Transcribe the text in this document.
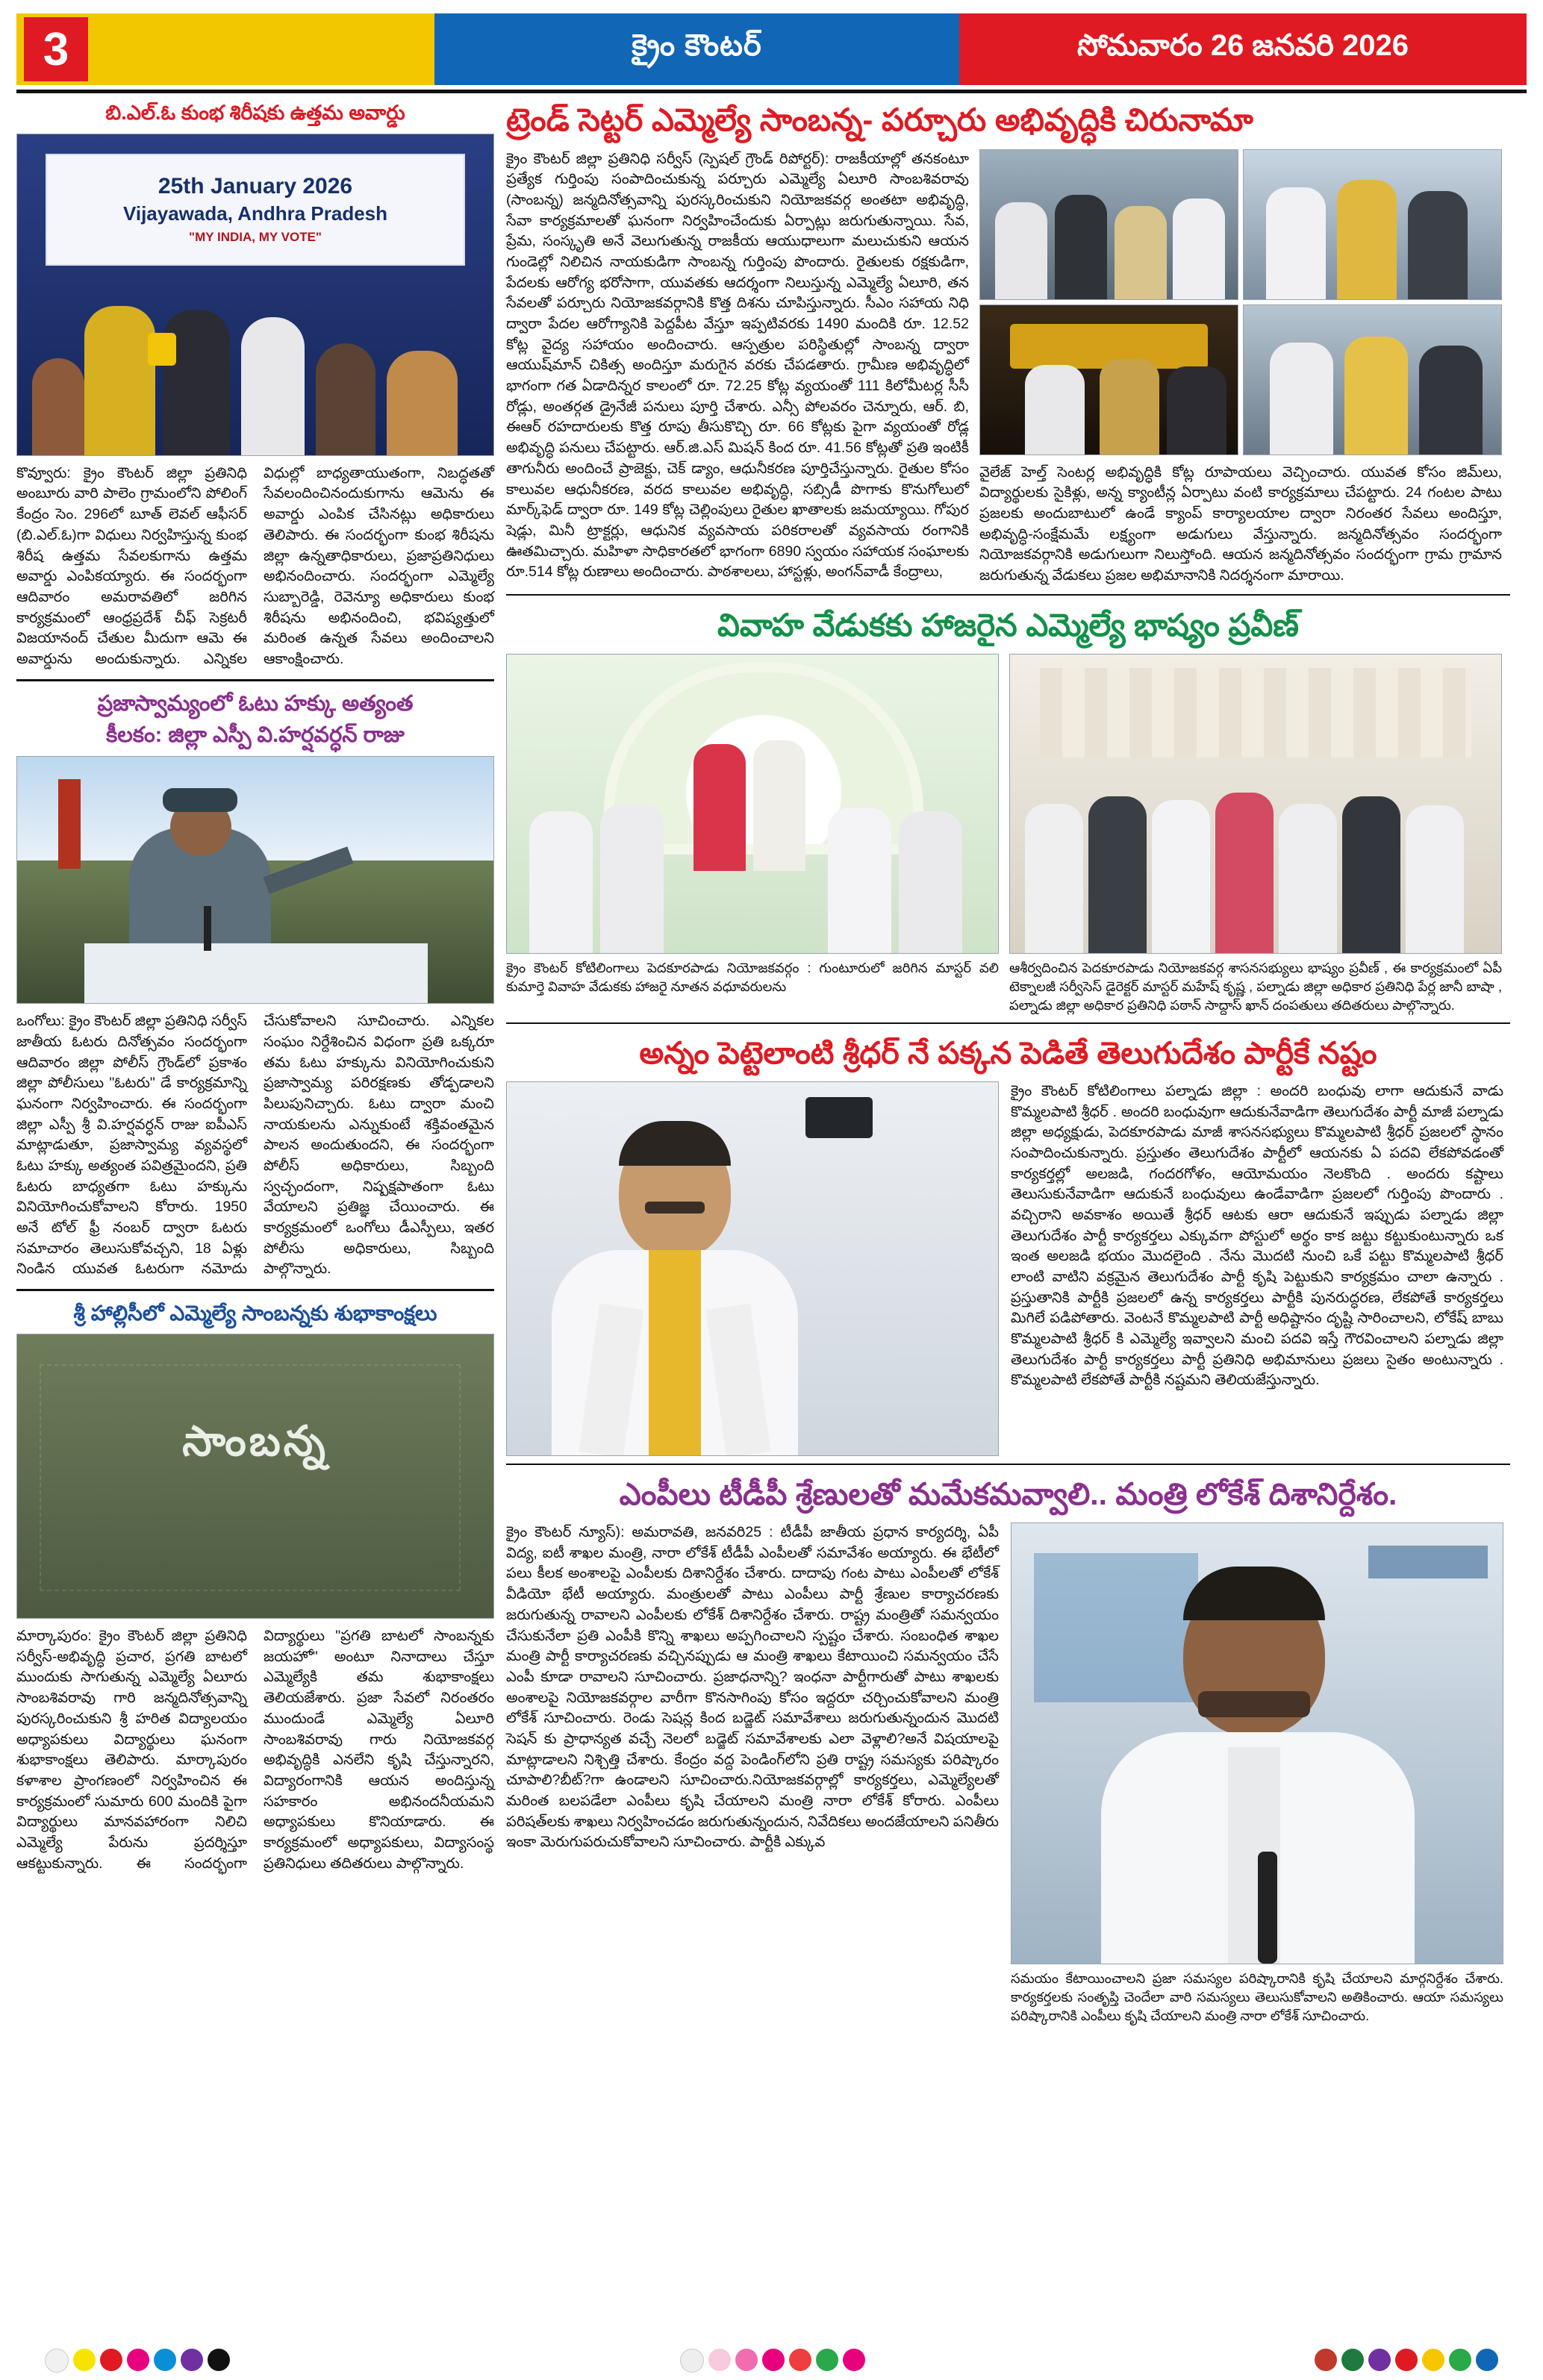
3	క్రైం కౌంటర్	సోమవారం 26 జనవరి 2026
బి.ఎల్.ఓ కుంభ శిరీషకు ఉత్తమ అవార్డు
25th January 2026
Vijayawada, Andhra Pradesh
"MY INDIA, MY VOTE"
కొవ్వూరు: క్రైం కౌంటర్ జిల్లా ప్రతినిధి అంబూరు వారి పాలెం గ్రామంలోని పోలింగ్ కేంద్రం సెం. 296లో బూత్ లెవల్ ఆఫీసర్ (బి.ఎల్.ఓ)గా విధులు నిర్వహిస్తున్న కుంభ శిరీష ఉత్తమ సేవలకుగాను ఉత్తమ అవార్డు ఎంపికయ్యారు. ఈ సందర్భంగా ఆదివారం అమరావతిలో జరిగిన కార్యక్రమంలో ఆంధ్రప్రదేశ్ చీఫ్ సెక్రటరీ విజయానంద్ చేతుల మీదుగా ఆమె ఈ అవార్డును అందుకున్నారు. ఎన్నికల విధుల్లో బాధ్యతాయుతంగా, నిబద్ధతతో సేవలందించినందుకుగాను ఆమెను ఈ అవార్డు ఎంపిక చేసినట్లు అధికారులు తెలిపారు. ఈ సందర్భంగా కుంభ శిరీషను జిల్లా ఉన్నతాధికారులు, ప్రజాప్రతినిధులు అభినందించారు. సందర్భంగా ఎమ్మెల్యే సుబ్బారెడ్డి, రెవెన్యూ అధికారులు కుంభ శిరీషను అభినందించి, భవిష్యత్తులో మరింత ఉన్నత సేవలు అందించాలని ఆకాంక్షించారు.
ప్రజాస్వామ్యంలో ఓటు హక్కు అత్యంత
కీలకం: జిల్లా ఎస్పీ వి.హర్షవర్ధన్ రాజు
ఒంగోలు: క్రైం కౌంటర్ జిల్లా ప్రతినిధి సర్వీస్ జాతీయ ఓటరు దినోత్సవం సందర్భంగా ఆదివారం జిల్లా పోలీస్ గ్రౌండ్‌లో ప్రకాశం జిల్లా పోలీసులు "ఓటరు" డే కార్యక్రమాన్ని ఘనంగా నిర్వహించారు. ఈ సందర్భంగా జిల్లా ఎస్పీ శ్రీ వి.హర్షవర్ధన్ రాజు ఐపీఎస్ మాట్లాడుతూ, ప్రజాస్వామ్య వ్యవస్థలో ఓటు హక్కు అత్యంత పవిత్రమైందని, ప్రతి ఓటరు బాధ్యతగా ఓటు హక్కును వినియోగించుకోవాలని కోరారు. 1950 అనే టోల్ ఫ్రీ నంబర్ ద్వారా ఓటరు సమాచారం తెలుసుకోవచ్చని, 18 ఏళ్లు నిండిన యువత ఓటరుగా నమోదు చేసుకోవాలని సూచించారు. ఎన్నికల సంఘం నిర్దేశించిన విధంగా ప్రతి ఒక్కరూ తమ ఓటు హక్కును వినియోగించుకుని ప్రజాస్వామ్య పరిరక్షణకు తోడ్పడాలని పిలుపునిచ్చారు. ఓటు ద్వారా మంచి నాయకులను ఎన్నుకుంటే శక్తివంతమైన పాలన అందుతుందని, ఈ సందర్భంగా పోలీస్ అధికారులు, సిబ్బంది స్వచ్ఛందంగా, నిష్పక్షపాతంగా ఓటు వేయాలని ప్రతిజ్ఞ చేయించారు. ఈ కార్యక్రమంలో ఒంగోలు డీఎస్పీలు, ఇతర పోలీసు అధికారులు, సిబ్బంది పాల్గొన్నారు.
శ్రీ హాల్లిసీలో ఎమ్మెల్యే సాంబన్నకు శుభాకాంక్షలు
సాంబన్న
మార్కాపురం: క్రైం కౌంటర్ జిల్లా ప్రతినిధి సర్వీస్-అభివృద్ధి ప్రచార, ప్రగతి బాటలో ముందుకు సాగుతున్న ఎమ్మెల్యే ఏలూరు సాంబశివరావు గారి జన్మదినోత్సవాన్ని పురస్కరించుకుని శ్రీ హరిత విద్యాలయం అధ్యాపకులు విద్యార్థులు ఘనంగా శుభాకాంక్షలు తెలిపారు. మార్కాపురం కళాశాల ప్రాంగణంలో నిర్వహించిన ఈ కార్యక్రమంలో సుమారు 600 మందికి పైగా విద్యార్థులు మానవహారంగా నిలిచి ఎమ్మెల్యే పేరును ప్రదర్శిస్తూ ఆకట్టుకున్నారు. ఈ సందర్భంగా విద్యార్థులు "ప్రగతి బాటలో సాంబన్నకు జయహో" అంటూ నినాదాలు చేస్తూ ఎమ్మెల్యేకి తమ శుభాకాంక్షలు తెలియజేశారు. ప్రజా సేవలో నిరంతరం ముందుండే ఎమ్మెల్యే ఏలూరి సాంబశివరావు గారు నియోజకవర్గ అభివృద్ధికి ఎనలేని కృషి చేస్తున్నారని, విద్యారంగానికి ఆయన అందిస్తున్న సహకారం అభినందనీయమని అధ్యాపకులు కొనియాడారు. ఈ కార్యక్రమంలో అధ్యాపకులు, విద్యాసంస్థ ప్రతినిధులు తదితరులు పాల్గొన్నారు.
ట్రెండ్ సెట్టర్ ఎమ్మెల్యే సాంబన్న- పర్చూరు అభివృద్ధికి చిరునామా
క్రైం కౌంటర్ జిల్లా ప్రతినిధి సర్వీస్ (స్పెషల్ గ్రౌండ్ రిపోర్టర్): రాజకీయాల్లో తనకంటూ ప్రత్యేక గుర్తింపు సంపాదించుకున్న పర్చూరు ఎమ్మెల్యే ఏలూరి సాంబశివరావు (సాంబన్న) జన్మదినోత్సవాన్ని పురస్కరించుకుని నియోజకవర్గ అంతటా అభివృద్ధి, సేవా కార్యక్రమాలతో ఘనంగా నిర్వహించేందుకు ఏర్పాట్లు జరుగుతున్నాయి. సేవ, ప్రేమ, సంస్కృతి అనే వెలుగుతున్న రాజకీయ ఆయుధాలుగా మలుచుకుని ఆయన గుండెల్లో నిలిచిన నాయకుడిగా సాంబన్న గుర్తింపు పొందారు. రైతులకు రక్షకుడిగా, పేదలకు ఆరోగ్య భరోసాగా, యువతకు ఆదర్శంగా నిలుస్తున్న ఎమ్మెల్యే ఏలూరి, తన సేవలతో పర్చూరు నియోజకవర్గానికి కొత్త దిశను చూపిస్తున్నారు. సీఎం సహాయ నిధి ద్వారా పేదల ఆరోగ్యానికి పెద్దపీట వేస్తూ ఇప్పటివరకు 1490 మందికి రూ. 12.52 కోట్ల వైద్య సహాయం అందించారు. ఆస్పత్రుల పరిస్థితుల్లో సాంబన్న ద్వారా ఆయుష్‌మాన్ చికిత్స అందిస్తూ మరుగైన వరకు చేపడతారు. గ్రామీణ అభివృద్ధిలో భాగంగా గత ఏడాదిన్నర కాలంలో రూ. 72.25 కోట్ల వ్యయంతో 111 కిలోమీటర్ల సీసీ రోడ్లు, అంతర్గత డ్రైనేజీ పనులు పూర్తి చేశారు. ఎన్సీ పోలవరం చెన్నూరు, ఆర్. బి, ఈఆర్ రహదారులకు కొత్త రూపు తీసుకొచ్చి రూ. 66 కోట్లకు పైగా వ్యయంతో రోడ్ల అభివృద్ధి పనులు చేపట్టారు. ఆర్.జి.ఎస్ మిషన్ కింద రూ. 41.56 కోట్లతో ప్రతి ఇంటికీ తాగునీరు అందించే ప్రాజెక్టు, చెక్ డ్యాం, ఆధునీకరణ పూర్తిచేస్తున్నారు. రైతుల కోసం కాలువల ఆధునీకరణ, వరద కాలువల అభివృద్ధి, సబ్సిడీ పొగాకు కొనుగోలులో మార్క్‌ఫెడ్ ద్వారా రూ. 149 కోట్ల చెల్లింపులు రైతుల ఖాతాలకు జమయ్యాయి. గోపుర షెడ్లు, మినీ ట్రాక్టర్లు, ఆధునిక వ్యవసాయ పరికరాలతో వ్యవసాయ రంగానికి ఊతమిచ్చారు. మహిళా సాధికారతలో భాగంగా 6890 స్వయం సహాయక సంఘాలకు రూ.514 కోట్ల రుణాలు అందించారు. పాఠశాలలు, హాస్టళ్లు, అంగన్‌వాడీ కేంద్రాలు,
వైలేజ్ హెల్త్ సెంటర్ల అభివృద్ధికి కోట్ల రూపాయలు వెచ్చించారు. యువత కోసం జిమ్‌లు, విద్యార్థులకు సైకిళ్లు, అన్న క్యాంటీన్ల ఏర్పాటు వంటి కార్యక్రమాలు చేపట్టారు. 24 గంటల పాటు ప్రజలకు అందుబాటులో ఉండే క్యాంప్ కార్యాలయాల ద్వారా నిరంతర సేవలు అందిస్తూ, అభివృద్ధి-సంక్షేమమే లక్ష్యంగా అడుగులు వేస్తున్నారు. జన్మదినోత్సవం సందర్భంగా నియోజకవర్గానికి అడుగులుగా నిలుస్తోంది. ఆయన జన్మదినోత్సవం సందర్భంగా గ్రామ గ్రామాన జరుగుతున్న వేడుకలు ప్రజల అభిమానానికి నిదర్శనంగా మారాయి.
వివాహ వేడుకకు హాజరైన ఎమ్మెల్యే భాష్యం ప్రవీణ్
క్రైం కౌంటర్ కోటిలింగాలు పెదకూరపాడు నియోజకవర్గం : గుంటూరులో జరిగిన మాస్టర్ వలి కుమార్తె వివాహ వేడుకకు హాజరై నూతన వధూవరులను
ఆశీర్వదించిన పెదకూరపాడు నియోజకవర్గ శాసనసభ్యులు భాష్యం ప్రవీణ్ , ఈ కార్యక్రమంలో ఏపీ టెక్నాలజీ సర్వీసెస్ డైరెక్టర్ మాస్టర్ మహేష్ కృష్ణ , పల్నాడు జిల్లా అధికార ప్రతినిధి పేర్ల జానీ బాషా , పల్నాడు జిల్లా అధికార ప్రతినిధి పఠాన్ సాద్దాస్ ఖాన్ దంపతులు తదితరులు పాల్గొన్నారు.
అన్నం పెట్టెలాంటి శ్రీధర్ నే పక్కన పెడితే తెలుగుదేశం పార్టీకే నష్టం
క్రైం కౌంటర్ కోటిలింగాలు పల్నాడు జిల్లా : అందరి బంధువు లాగా ఆదుకునే వాడు కొమ్మలపాటి శ్రీధర్ . అందరి బంధువుగా ఆదుకునేవాడిగా తెలుగుదేశం పార్టీ మాజీ పల్నాడు జిల్లా అధ్యక్షుడు, పెదకూరపాడు మాజీ శాసనసభ్యులు కొమ్మలపాటి శ్రీధర్ ప్రజలలో స్థానం సంపాదించుకున్నారు. ప్రస్తుతం తెలుగుదేశం పార్టీలో ఆయనకు ఏ పదవి లేకపోవడంతో కార్యకర్తల్లో అలజడి, గందరగోళం, ఆయోమయం నెలకొంది . అందరు కష్టాలు తెలుసుకునేవాడిగా ఆదుకునే బంధువులు ఉండేవాడిగా ప్రజలలో గుర్తింపు పొందారు . వచ్చిరాని అవకాశం అయితే శ్రీధర్ ఆటకు ఆరా ఆదుకునే ఇప్పుడు పల్నాడు జిల్లా తెలుగుదేశం పార్టీ కార్యకర్తలు ఎక్కువగా పోస్టులో అర్థం కాక జట్టు కట్టుకుంటున్నారు ఒక ఇంత అలజడి భయం మొదలైంది . నేను మొదటి నుంచి ఒకే పట్టు కొమ్మలపాటి శ్రీధర్ లాంటి వాటిని వక్రమైన తెలుగుదేశం పార్టీ కృషి పెట్టుకుని కార్యక్రమం చాలా ఉన్నారు . ప్రస్తుతానికి పార్టీకి ప్రజలలో ఉన్న కార్యకర్తలు పార్టీకి పునరుద్ధరణ, లేకపోతే కార్యకర్తలు మిగిలే పడిపోతారు. వెంటనే కొమ్మలపాటి పార్టీ అధిష్టానం దృష్టి సారించాలని, లోకేష్ బాబు కొమ్మలపాటి శ్రీధర్ కి ఎమ్మెల్యే ఇవ్వాలని మంచి పదవి ఇస్తే గౌరవించాలని పల్నాడు జిల్లా తెలుగుదేశం పార్టీ కార్యకర్తలు పార్టీ ప్రతినిధి అభిమానులు ప్రజలు సైతం అంటున్నారు . కొమ్మలపాటి లేకపోతే పార్టీకి నష్టమని తెలియజేస్తున్నారు.
ఎంపీలు టీడీపీ శ్రేణులతో మమేకమవ్వాలి.. మంత్రి లోకేశ్ దిశానిర్దేశం.
క్రైం కౌంటర్ న్యూస్): అమరావతి, జనవరి25 : టీడీపీ జాతీయ ప్రధాన కార్యదర్శి, ఏపీ విద్య, ఐటీ శాఖల మంత్రి, నారా లోకేశ్ టీడీపీ ఎంపీలతో సమావేశం అయ్యారు. ఈ భేటీలో పలు కీలక అంశాలపై ఎంపీలకు దిశానిర్దేశం చేశారు. దాదాపు గంట పాటు ఎంపీలతో లోకేశ్ వీడియో భేటీ అయ్యారు. మంత్రులతో పాటు ఎంపీలు పార్టీ శ్రేణుల కార్యాచరణకు జరుగుతున్న రావాలని ఎంపీలకు లోకేశ్ దిశానిర్దేశం చేశారు. రాష్ట్ర మంత్రితో సమన్వయం చేసుకునేలా ప్రతి ఎంపీకి కొన్ని శాఖలు అప్పగించాలని స్పష్టం చేశారు. సంబంధిత శాఖల మంత్రి పార్టీ కార్యాచరణకు వచ్చినప్పుడు ఆ మంత్రి శాఖలు కేటాయించి సమన్వయం చేసే ఎంపీ కూడా రావాలని సూచించారు. ప్రజాధనాన్ని? ఇంధనా పార్టీగారుతో పాటు శాఖలకు అంశాలపై నియోజకవర్గాల వారీగా కొనసాగింపు కోసం ఇద్దరూ చర్చించుకోవాలని మంత్రి లోకేశ్ సూచించారు. రెండు సెషన్ల కింద బడ్జెట్ సమావేశాలు జరుగుతున్నందున మొదటి సెషన్ కు ప్రాధాన్యత వచ్చే నెలలో బడ్జెట్ సమావేశాలకు ఎలా వెళ్లాలి?అనే విషయాలపై మాట్లాడాలని నిశ్చిత్తి చేశారు. కేంద్రం వద్ద పెండింగ్‌లోని ప్రతి రాష్ట్ర సమస్యకు పరిష్కారం చూపాలి?బీట్?గా ఉండాలని సూచించారు.నియోజకవర్గాల్లో కార్యకర్తలు, ఎమ్మెల్యేలతో మరింత బలపడేలా ఎంపీలు కృషి చేయాలని మంత్రి నారా లోకేశ్ కోరారు. ఎంపీలు పరిషత్‌లకు శాఖలు నిర్వహించడం జరుగుతున్నందున, నివేదికలు అందజేయాలని పనితీరు ఇంకా మెరుగుపరుచుకోవాలని సూచించారు. పార్టీకి ఎక్కువ
సమయం కేటాయించాలని ప్రజా సమస్యల పరిష్కారానికి కృషి చేయాలని మార్గనిర్దేశం చేశారు. కార్యకర్తలకు సంతృప్తి చెందేలా వారి సమస్యలు తెలుసుకోవాలని అతికించారు. ఆయా సమస్యలు పరిష్కారానికి ఎంపీలు కృషి చేయాలని మంత్రి నారా లోకేశ్ సూచించారు.
